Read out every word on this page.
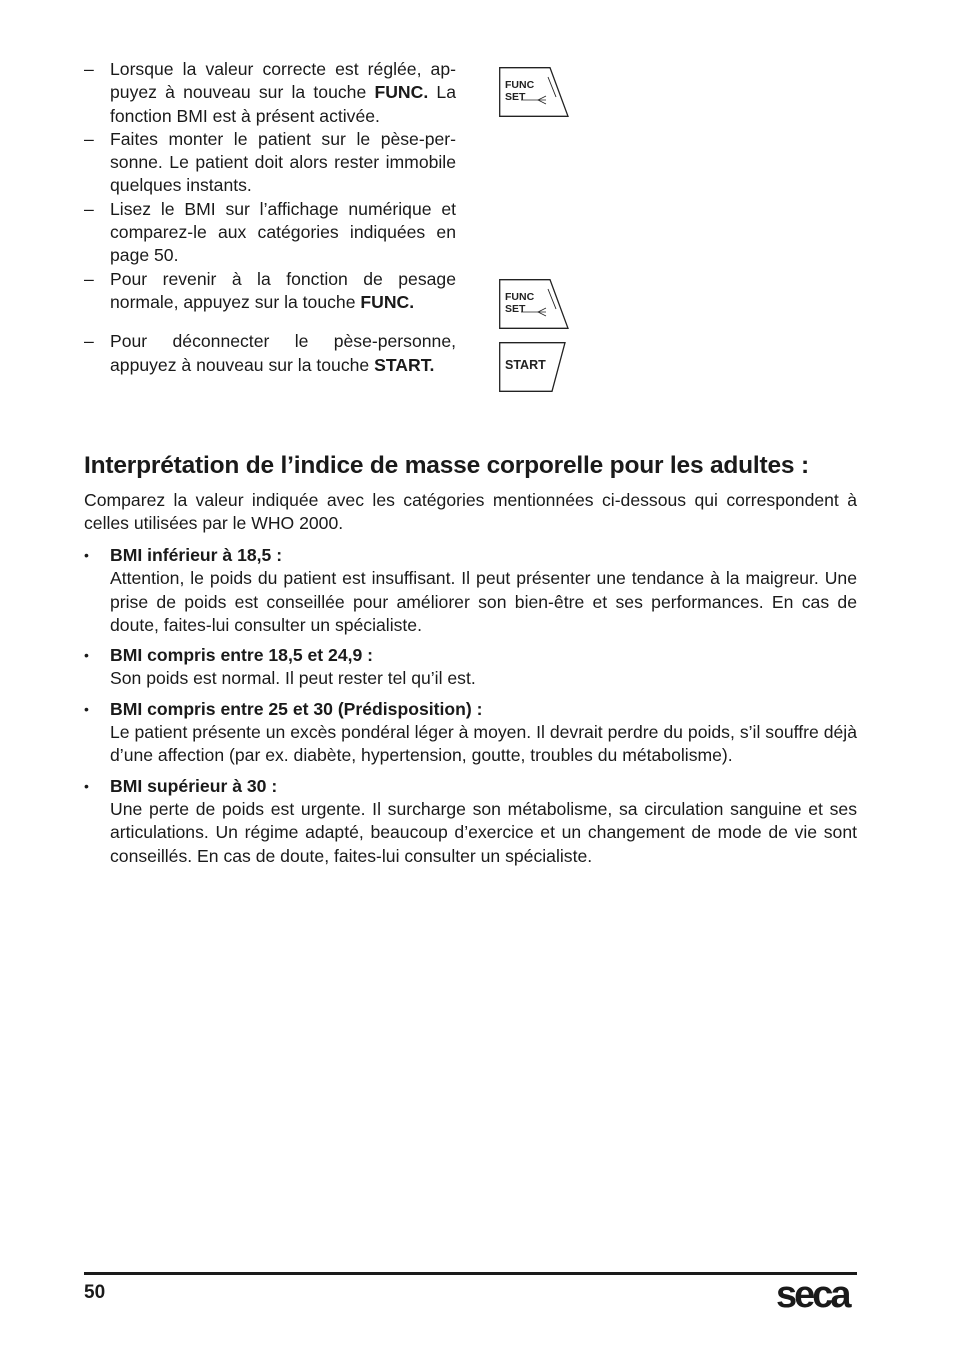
– Lorsque la valeur correcte est réglée, appuyez à nouveau sur la touche FUNC. La fonction BMI est à présent activée.
– Faites monter le patient sur le pèse-personne. Le patient doit alors rester immobile quelques instants.
– Lisez le BMI sur l’affichage numérique et comparez-le aux catégories indiquées en page 50.
– Pour revenir à la fonction de pesage normale, appuyez sur la touche FUNC.
– Pour déconnecter le pèse-personne, appuyez à nouveau sur la touche START.
FUNC
SET
FUNC
SET
START
Interprétation de l’indice de masse corporelle pour les adultes :

Comparez la valeur indiquée avec les catégories mentionnées ci-dessous qui correspondent à celles utilisées par le WHO 2000.

• BMI inférieur à 18,5 :
Attention, le poids du patient est insuffisant. Il peut présenter une tendance à la maigreur. Une prise de poids est conseillée pour améliorer son bien-être et ses performances. En cas de doute, faites-lui consulter un spécialiste.
• BMI compris entre 18,5 et 24,9 :
Son poids est normal. Il peut rester tel qu’il est.
• BMI compris entre 25 et 30 (Prédisposition) :
Le patient présente un excès pondéral léger à moyen. Il devrait perdre du poids, s’il souffre déjà d’une affection (par ex. diabète, hypertension, goutte, troubles du métabolisme).
• BMI supérieur à 30 :
Une perte de poids est urgente. Il surcharge son métabolisme, sa circulation sanguine et ses articulations. Un régime adapté, beaucoup d’exercice et un changement de mode de vie sont conseillés. En cas de doute, faites-lui consulter un spécialiste.
50	seca
